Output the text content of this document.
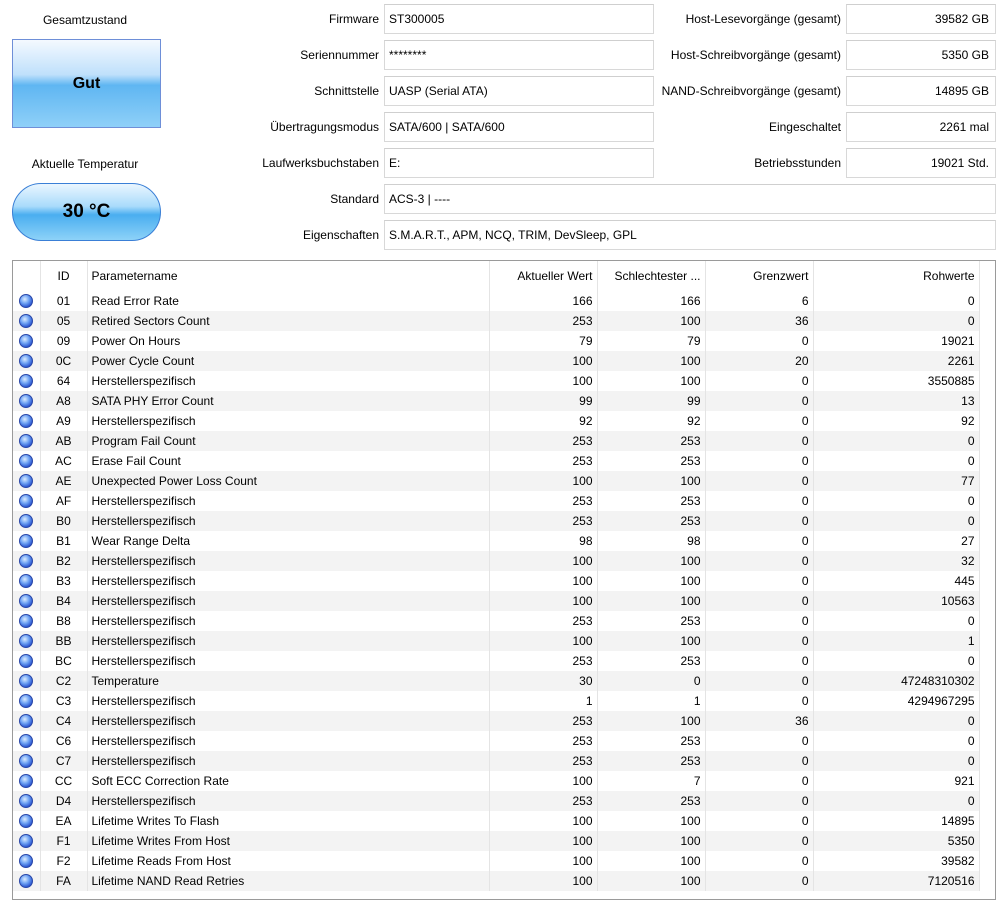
Gesamtzustand
Gut
Aktuelle Temperatur
30 °C
Firmware ST300005
Seriennummer ********
Schnittstelle UASP (Serial ATA)
Übertragungsmodus SATA/600 | SATA/600
Laufwerksbuchstaben E:
Host-Lesevorgänge (gesamt)	39582 GB
Host-Schreibvorgänge (gesamt)	5350 GB
NAND-Schreibvorgänge (gesamt)	14895 GB
Eingeschaltet	2261 mal
Betriebsstunden	19021 Std.
Standard ACS-3 | ----
Eigenschaften S.M.A.R.T., APM, NCQ, TRIM, DevSleep, GPL
	ID	Parametername	Aktueller Wert	Schlechtester ...	Grenzwert	Rohwerte

	01	Read Error Rate	166	166	6	0

	05	Retired Sectors Count	253	100	36	0

	09	Power On Hours	79	79	0	19021

	0C	Power Cycle Count	100	100	20	2261

	64	Herstellerspezifisch	100	100	0	3550885

	A8	SATA PHY Error Count	99	99	0	13

	A9	Herstellerspezifisch	92	92	0	92

	AB	Program Fail Count	253	253	0	0

	AC	Erase Fail Count	253	253	0	0

	AE	Unexpected Power Loss Count	100	100	0	77

	AF	Herstellerspezifisch	253	253	0	0

	B0	Herstellerspezifisch	253	253	0	0

	B1	Wear Range Delta	98	98	0	27

	B2	Herstellerspezifisch	100	100	0	32

	B3	Herstellerspezifisch	100	100	0	445

	B4	Herstellerspezifisch	100	100	0	10563

	B8	Herstellerspezifisch	253	253	0	0

	BB	Herstellerspezifisch	100	100	0	1

	BC	Herstellerspezifisch	253	253	0	0

	C2	Temperature	30	0	0	47248310302

	C3	Herstellerspezifisch	1	1	0	4294967295

	C4	Herstellerspezifisch	253	100	36	0

	C6	Herstellerspezifisch	253	253	0	0

	C7	Herstellerspezifisch	253	253	0	0

	CC	Soft ECC Correction Rate	100	7	0	921

	D4	Herstellerspezifisch	253	253	0	0

	EA	Lifetime Writes To Flash	100	100	0	14895

	F1	Lifetime Writes From Host	100	100	0	5350

	F2	Lifetime Reads From Host	100	100	0	39582

	FA	Lifetime NAND Read Retries	100	100	0	7120516
